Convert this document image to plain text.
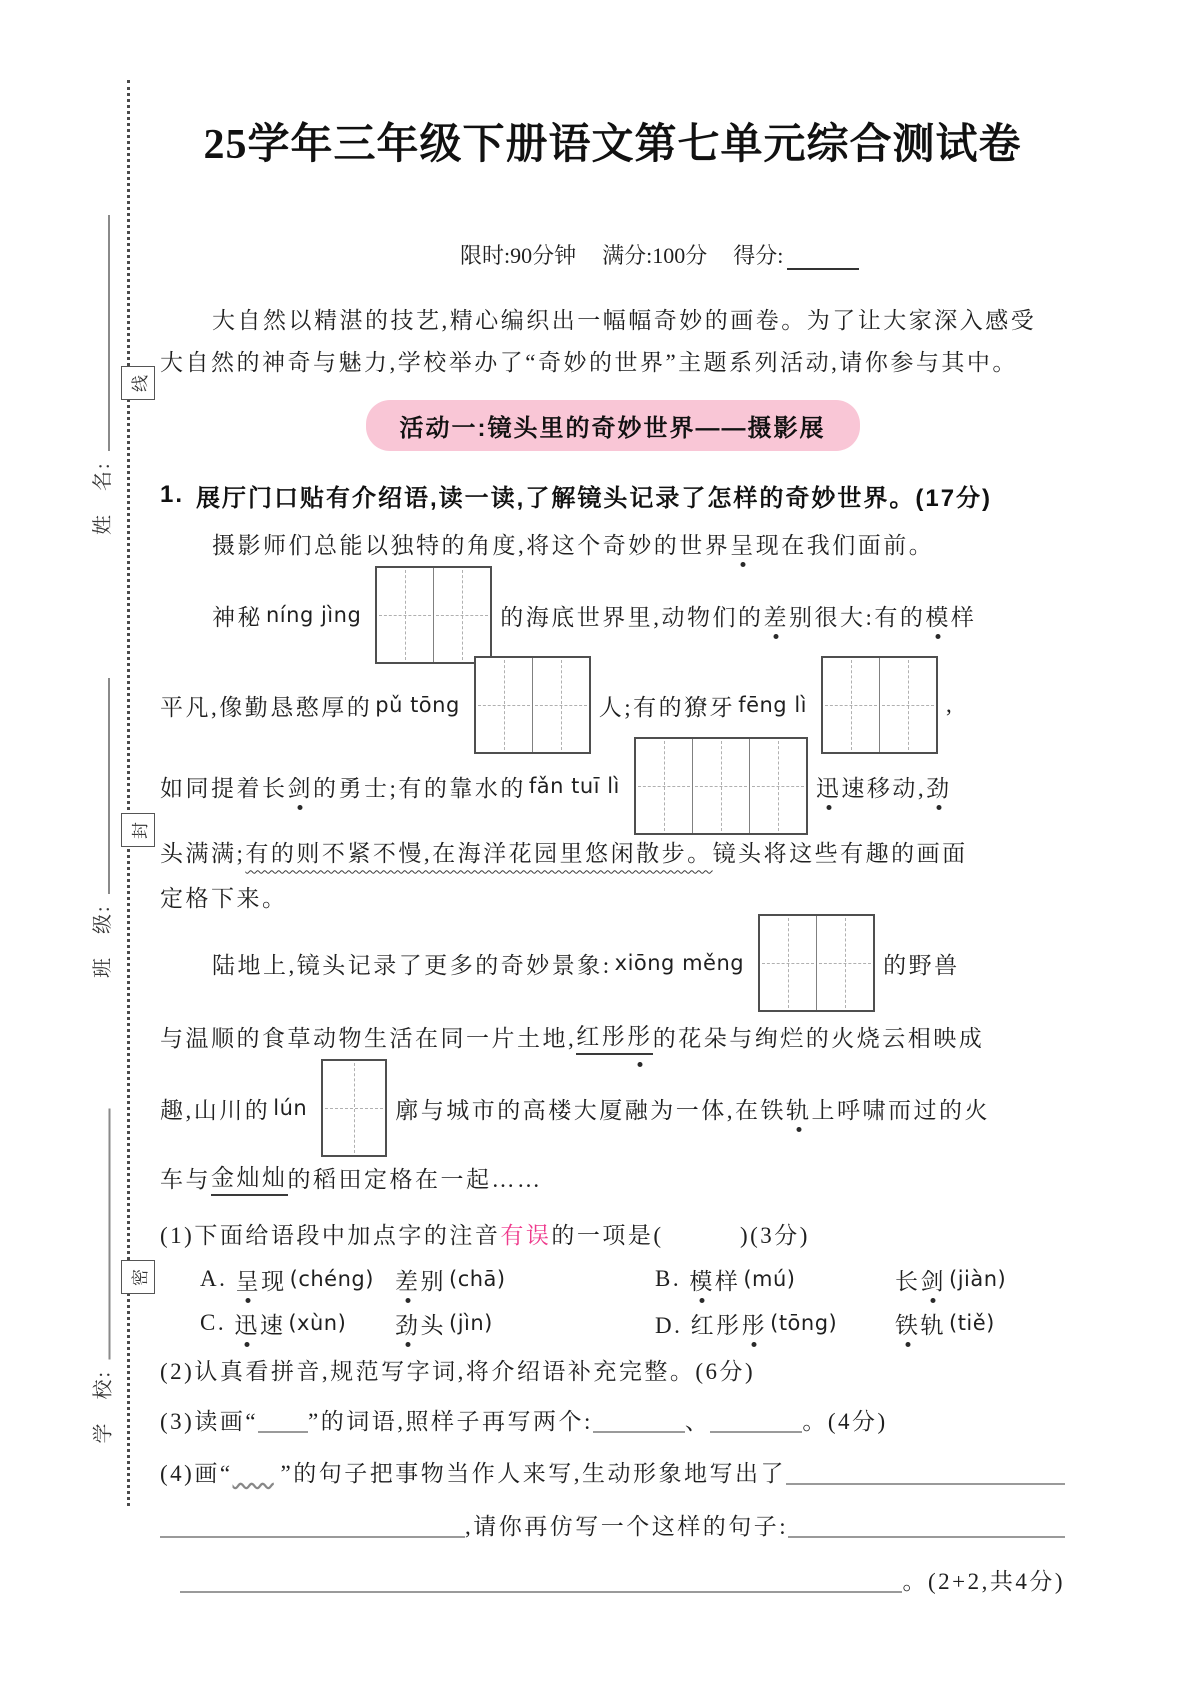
线
封
密
姓　名:
班　级:
学　校:
25学年三年级下册语文第七单元综合测试卷
限时:90分钟 满分:100分 得分:
大自然以精湛的技艺,精心编织出一幅幅奇妙的画卷。为了让大家深入感受
大自然的神奇与魅力,学校举办了“奇妙的世界”主题系列活动,请你参与其中。
活动一:镜头里的奇妙世界——摄影展
1. 展厅门口贴有介绍语,读一读,了解镜头记录了怎样的奇妙世界。(17分)
摄影师们总能以独特的角度,将这个奇妙的世界 呈 现在我们面前。
神秘 níng jìng	的海底世界里,动物们的 差 别很大:有的 模 样
平凡,像勤恳憨厚的 pǔ tōng	人;有的獠牙 fēng lì	,
如同提着长 剑 的勇士;有的靠水的 fǎn tuī lì	迅 速移动, 劲
头满满; 有的则不紧不慢,在海洋花园里悠闲散步。 镜头将这些有趣的画面
定格下来。
陆地上,镜头记录了更多的奇妙景象: xiōng měng	的野兽
与温顺的食草动物生活在同一片土地, 红彤 彤 的花朵与绚烂的火烧云相映成
趣,山川的 lún	廓与城市的高楼大厦融为一体,在铁 轨 上呼啸而过的火
车与 金灿灿 的稻田定格在一起……
(1)下面给语段中加点字的注音 有误 的一项是(　　　)(3分)
A. 呈 现 (chéng) 差 别 (chā)	B. 模 样 (mú)	长 剑 (jiàn)
C. 迅 速 (xùn) 劲 头 (jìn)	D. 红彤 彤 (tōng)	铁 轨 (tiě)
(2)认真看拼音,规范写字词,将介绍语补充完整。(6分)
(3)读画“ ”的词语,照样子再写两个:	、	。(4分)
(4)画“
”的句子把事物当作人来写,生动形象地写出了
,请你再仿写一个这样的句子:
。(2+2,共4分)
